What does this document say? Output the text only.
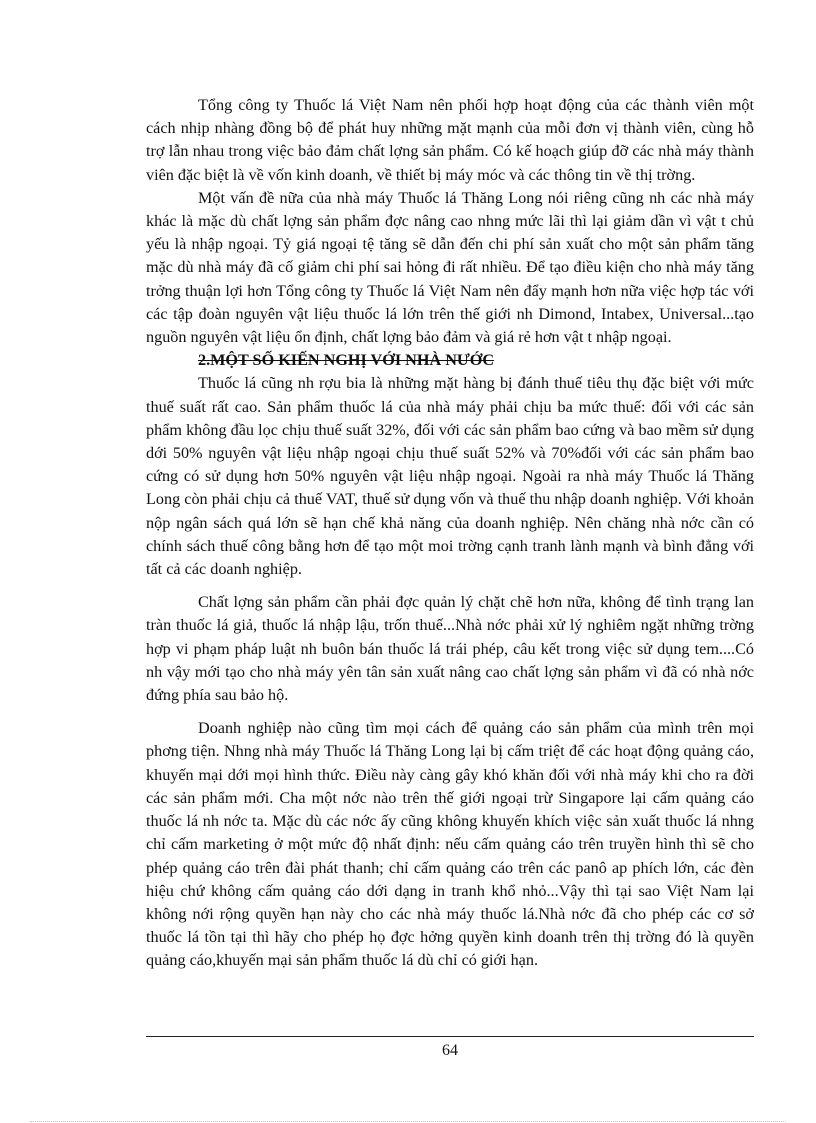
Tổng công ty Thuốc lá Việt Nam nên phối hợp hoạt động của các thành viên một cách nhịp nhàng đồng bộ để phát huy những mặt mạnh của mỗi đơn vị thành viên, cùng hỗ trợ lẫn nhau trong việc bảo đảm chất lợng sản phẩm. Có kế hoạch giúp đỡ các nhà máy thành viên đặc biệt là về vốn kinh doanh, về thiết bị máy móc và các thông tin về thị trờng.

Một vấn đề nữa của nhà máy Thuốc lá Thăng Long nói riêng cũng nh các nhà máy khác là mặc dù chất lợng sản phẩm đợc nâng cao nhng mức lãi thì lại giảm dần vì vật t chủ yếu là nhập ngoại. Tỷ giá ngoại tệ tăng sẽ dẫn đến chi phí sản xuất cho một sản phẩm tăng mặc dù nhà máy đã cố giảm chi phí sai hỏng đi rất nhiều. Để tạo điều kiện cho nhà máy tăng trởng thuận lợi hơn Tổng công ty Thuốc lá Việt Nam nên đẩy mạnh hơn nữa việc hợp tác với các tập đoàn nguyên vật liệu thuốc lá lớn trên thế giới nh Dimond, Intabex, Universal...tạo nguồn nguyên vật liệu ổn định, chất lợng bảo đảm và giá rẻ hơn vật t nhập ngoại.

2.MỘT SỐ KIẾN NGHỊ VỚI NHÀ NƯỚC

Thuốc lá cũng nh rợu bia là những mặt hàng bị đánh thuế tiêu thụ đặc biệt với mức thuế suất rất cao. Sản phẩm thuốc lá của nhà máy phải chịu ba mức thuế: đối với các sản phẩm không đầu lọc chịu thuế suất 32%, đối với các sản phẩm bao cứng và bao mềm sử dụng dới 50% nguyên vật liệu nhập ngoại chịu thuế suất 52% và 70%đối với các sản phẩm bao cứng có sử dụng hơn 50% nguyên vật liệu nhập ngoại. Ngoài ra nhà máy Thuốc lá Thăng Long còn phải chịu cả thuế VAT, thuế sử dụng vốn và thuế thu nhập doanh nghiệp. Với khoản nộp ngân sách quá lớn sẽ hạn chế khả năng của doanh nghiệp. Nên chăng nhà nớc cần có chính sách thuế công bằng hơn để tạo một moi trờng cạnh tranh lành mạnh và bình đẳng với tất cả các doanh nghiệp.

Chất lợng sản phẩm cần phải đợc quản lý chặt chẽ hơn nữa, không để tình trạng lan tràn thuốc lá giả, thuốc lá nhập lậu, trốn thuế...Nhà nớc phải xử lý nghiêm ngặt những trờng hợp vi phạm pháp luật nh buôn bán thuốc lá trái phép, câu kết trong việc sử dụng tem....Có nh vậy mới tạo cho nhà máy yên tân sản xuất nâng cao chất lợng sản phẩm vì đã có nhà nớc đứng phía sau bảo hộ.

Doanh nghiệp nào cũng tìm mọi cách để quảng cáo sản phẩm của mình trên mọi phơng tiện. Nhng nhà máy Thuốc lá Thăng Long lại bị cấm triệt để các hoạt động quảng cáo, khuyến mại dới mọi hình thức. Điều này càng gây khó khăn đối với nhà máy khi cho ra đời các sản phẩm mới. Cha một nớc nào trên thế giới ngoại trừ Singapore lại cấm quảng cáo thuốc lá nh nớc ta. Mặc dù các nớc ấy cũng không khuyến khích việc sản xuất thuốc lá nhng chỉ cấm marketing ở một mức độ nhất định: nếu cấm quảng cáo trên truyền hình thì sẽ cho phép quảng cáo trên đài phát thanh; chỉ cấm quảng cáo trên các panô ap phích lớn, các đèn hiệu chứ không cấm quảng cáo dới dạng in tranh khổ nhỏ...Vậy thì tại sao Việt Nam lại không nới rộng quyền hạn này cho các nhà máy thuốc lá.Nhà nớc đã cho phép các cơ sở thuốc lá tồn tại thì hãy cho phép họ đợc hởng quyền kinh doanh trên thị trờng đó là quyền quảng cáo,khuyến mại sản phẩm thuốc lá dù chỉ có giới hạn.

64
